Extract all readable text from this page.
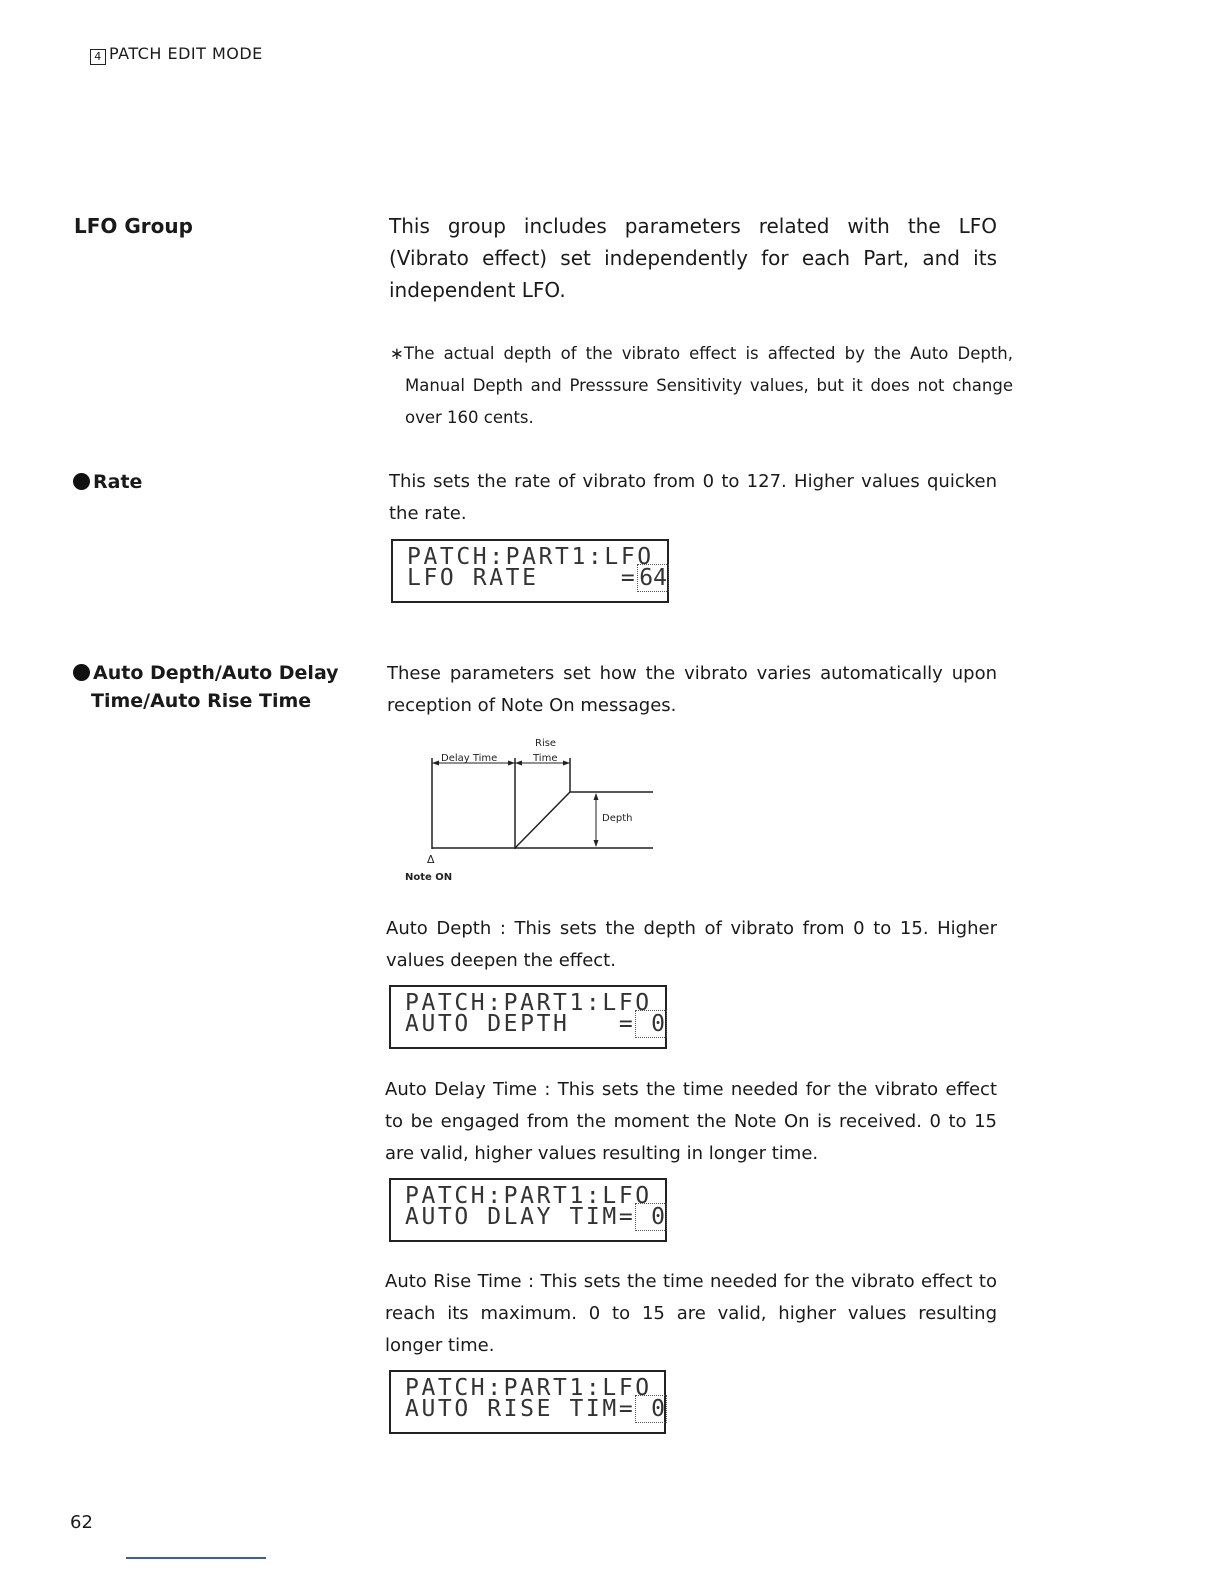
4 PATCH EDIT MODE
LFO Group	This group includes parameters related with the LFO (Vibrato effect) set independently for each Part, and its independent LFO.
∗The actual depth of the vibrato effect is affected by the Auto Depth, Manual Depth and Presssure Sensitivity values, but it does not change over 160 cents.
Rate	This sets the rate of vibrato from 0 to 127. Higher values quicken the rate.
PATCH:PART1:LFO
LFO RATE     =64
Auto Depth/Auto Delay
Time/Auto Rise Time
These parameters set how the vibrato varies automatically upon reception of Note On messages.
Delay Time
Rise
Time
Depth
Δ
Note ON
Auto Depth : This sets the depth of vibrato from 0 to 15. Higher values deepen the effect.
PATCH:PART1:LFO
AUTO DEPTH   = 0
Auto Delay Time : This sets the time needed for the vibrato effect to be engaged from the moment the Note On is received. 0 to 15 are valid, higher values resulting in longer time.
PATCH:PART1:LFO
AUTO DLAY TIM= 0
Auto Rise Time : This sets the time needed for the vibrato effect to reach its maximum. 0 to 15 are valid, higher values resulting longer time.
PATCH:PART1:LFO
AUTO RISE TIM= 0
62
